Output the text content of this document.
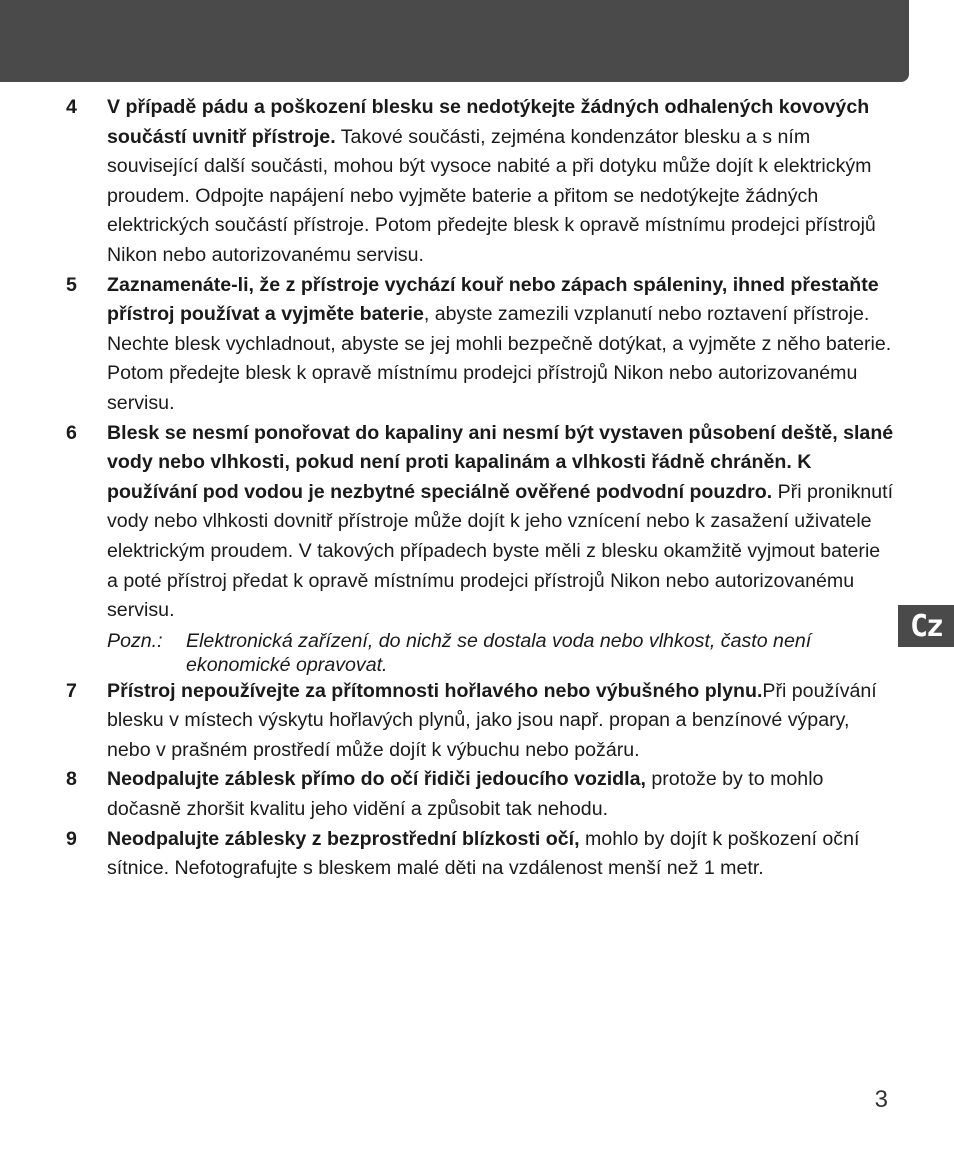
Cz
4	V případě pádu a poškození blesku se nedotýkejte žádných odhalených kovových součástí uvnitř přístroje. Takové součásti, zejména kondenzátor blesku a s ním související další součásti, mohou být vysoce nabité a při dotyku může dojít k elektrickým proudem. Odpojte napájení nebo vyjměte baterie a přitom se nedotýkejte žádných elektrických součástí přístroje. Potom předejte blesk k opravě místnímu prodejci přístrojů Nikon nebo autorizovanému servisu.
5	Zaznamenáte-li, že z přístroje vychází kouř nebo zápach spáleniny, ihned přestaňte přístroj používat a vyjměte baterie, abyste zamezili vzplanutí nebo roztavení přístroje. Nechte blesk vychladnout, abyste se jej mohli bezpečně dotýkat, a vyjměte z něho baterie. Potom předejte blesk k opravě místnímu prodejci přístrojů Nikon nebo autorizovanému servisu.
6	Blesk se nesmí ponořovat do kapaliny ani nesmí být vystaven působení deště, slané vody nebo vlhkosti, pokud není proti kapalinám a vlhkosti řádně chráněn. K používání pod vodou je nezbytné speciálně ověřené podvodní pouzdro. Při proniknutí vody nebo vlhkosti dovnitř přístroje může dojít k jeho vznícení nebo k zasažení uživatele elektrickým proudem. V takových případech byste měli z blesku okamžitě vyjmout baterie a poté přístroj předat k opravě místnímu prodejci přístrojů Nikon nebo autorizovanému servisu.
Pozn.:	Elektronická zařízení, do nichž se dostala voda nebo vlhkost, často není ekonomické opravovat.
7	Přístroj nepoužívejte za přítomnosti hořlavého nebo výbušného plynu.Při používání blesku v místech výskytu hořlavých plynů, jako jsou např. propan a benzínové výpary, nebo v prašném prostředí může dojít k výbuchu nebo požáru.
8	Neodpalujte záblesk přímo do očí řidiči jedoucího vozidla, protože by to mohlo dočasně zhoršit kvalitu jeho vidění a způsobit tak nehodu.
9	Neodpalujte záblesky z bezprostřední blízkosti očí, mohlo by dojít k poškození oční sítnice. Nefotografujte s bleskem malé děti na vzdálenost menší než 1 metr.
3
